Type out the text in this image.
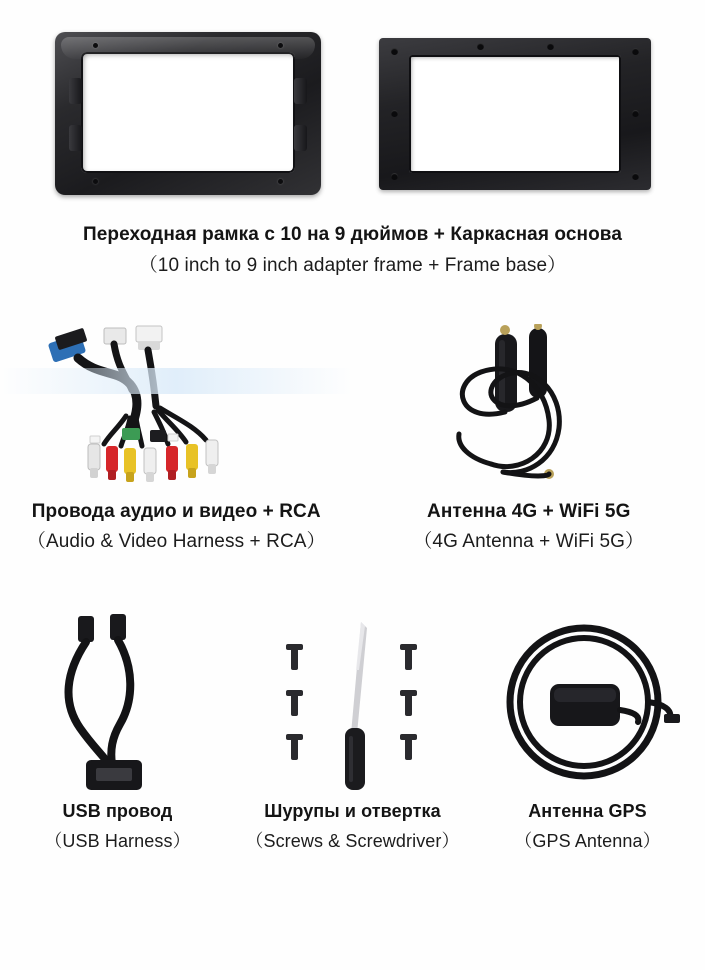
Переходная рамка с 10 на 9 дюймов + Каркасная основа
（10 inch to 9 inch adapter frame + Frame base）
Провода аудио и видео + RCA
（Audio & Video Harness + RCA）
Антенна 4G + WiFi 5G
（4G Antenna + WiFi 5G）
USB провод
（USB Harness）
Шурупы и отвертка
（Screws & Screwdriver）
Антенна GPS
（GPS Antenna）
